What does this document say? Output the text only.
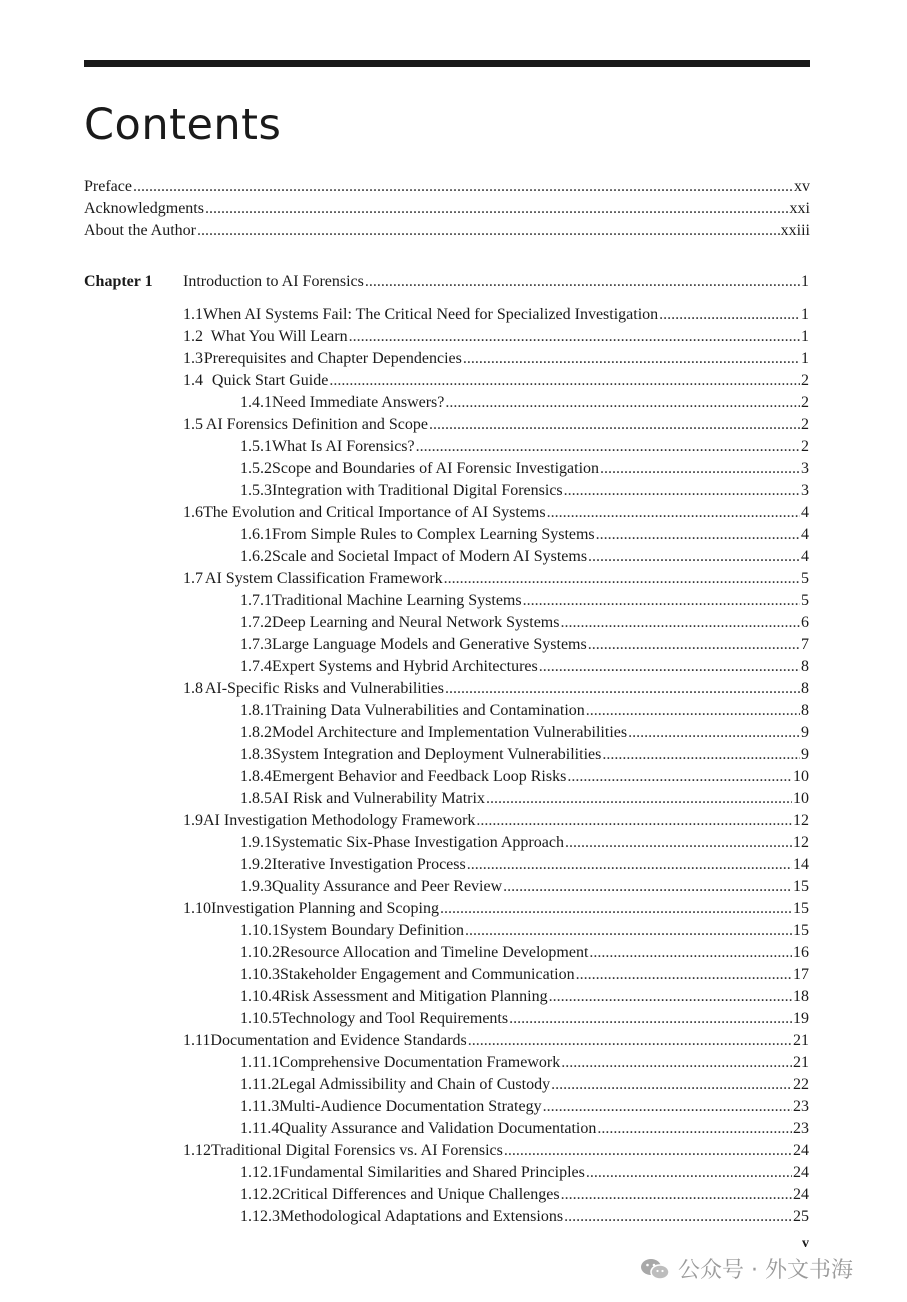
Contents
Preface .....	xv
Acknowledgments .....	xxi
About the Author .....	xxiii
Chapter 1 Introduction to AI Forensics .....	1
1.1 When AI Systems Fail: The Critical Need for Specialized Investigation .....	1
1.2 What You Will Learn .....	1
1.3 Prerequisites and Chapter Dependencies .....	1
1.4 Quick Start Guide .....	2
1.4.1 Need Immediate Answers? .....	2
1.5 AI Forensics Definition and Scope .....	2
1.5.1 What Is AI Forensics? .....	2
1.5.2 Scope and Boundaries of AI Forensic Investigation .....	3
1.5.3 Integration with Traditional Digital Forensics .....	3
1.6 The Evolution and Critical Importance of AI Systems .....	4
1.6.1 From Simple Rules to Complex Learning Systems .....	4
1.6.2 Scale and Societal Impact of Modern AI Systems .....	4
1.7 AI System Classification Framework .....	5
1.7.1 Traditional Machine Learning Systems .....	5
1.7.2 Deep Learning and Neural Network Systems .....	6
1.7.3 Large Language Models and Generative Systems .....	7
1.7.4 Expert Systems and Hybrid Architectures .....	8
1.8 AI-Specific Risks and Vulnerabilities .....	8
1.8.1 Training Data Vulnerabilities and Contamination .....	8
1.8.2 Model Architecture and Implementation Vulnerabilities .....	9
1.8.3 System Integration and Deployment Vulnerabilities .....	9
1.8.4 Emergent Behavior and Feedback Loop Risks .....	10
1.8.5 AI Risk and Vulnerability Matrix .....	10
1.9 AI Investigation Methodology Framework .....	12
1.9.1 Systematic Six-Phase Investigation Approach .....	12
1.9.2 Iterative Investigation Process .....	14
1.9.3 Quality Assurance and Peer Review .....	15
1.10 Investigation Planning and Scoping .....	15
1.10.1 System Boundary Definition .....	15
1.10.2 Resource Allocation and Timeline Development .....	16
1.10.3 Stakeholder Engagement and Communication .....	17
1.10.4 Risk Assessment and Mitigation Planning .....	18
1.10.5 Technology and Tool Requirements .....	19
1.11 Documentation and Evidence Standards .....	21
1.11.1 Comprehensive Documentation Framework .....	21
1.11.2 Legal Admissibility and Chain of Custody .....	22
1.11.3 Multi-Audience Documentation Strategy .....	23
1.11.4 Quality Assurance and Validation Documentation .....	23
1.12 Traditional Digital Forensics vs. AI Forensics .....	24
1.12.1 Fundamental Similarities and Shared Principles .....	24
1.12.2 Critical Differences and Unique Challenges .....	24
1.12.3 Methodological Adaptations and Extensions .....	25
v
公众号 · 外文书海
